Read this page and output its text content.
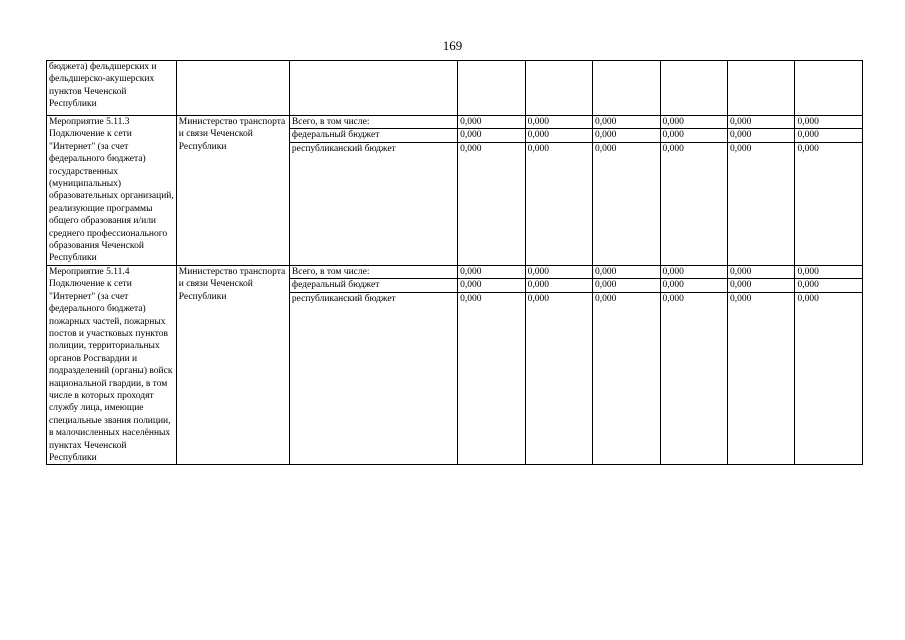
169
бюджета) фельдшерских и фельдшерско-акушерских пунктов Чеченской Республики								
Мероприятие 5.11.3 Подключение к сети "Интернет" (за счет федерального бюджета) государственных (муниципальных) образовательных организаций, реализующие программы общего образования и/или среднего профессионального образования Чеченской Республики	Министерство транспорта и связи Чеченской Республики	Всего, в том числе:	0,000	0,000	0,000	0,000	0,000	0,000
		федеральный бюджет	0,000	0,000	0,000	0,000	0,000	0,000
		республиканский бюджет	0,000	0,000	0,000	0,000	0,000	0,000
Мероприятие 5.11.4 Подключение к сети "Интернет" (за счет федерального бюджета) пожарных частей, пожарных постов и участковых пунктов полиции, территориальных органов Росгвардии и подразделений (органы) войск национальной гвардии, в том числе в которых проходят службу лица, имеющие специальные звания полиции, в малочисленных населённых пунктах Чеченской Республики	Министерство транспорта и связи Чеченской Республики	Всего, в том числе:	0,000	0,000	0,000	0,000	0,000	0,000
		федеральный бюджет	0,000	0,000	0,000	0,000	0,000	0,000
		республиканский бюджет	0,000	0,000	0,000	0,000	0,000	0,000
